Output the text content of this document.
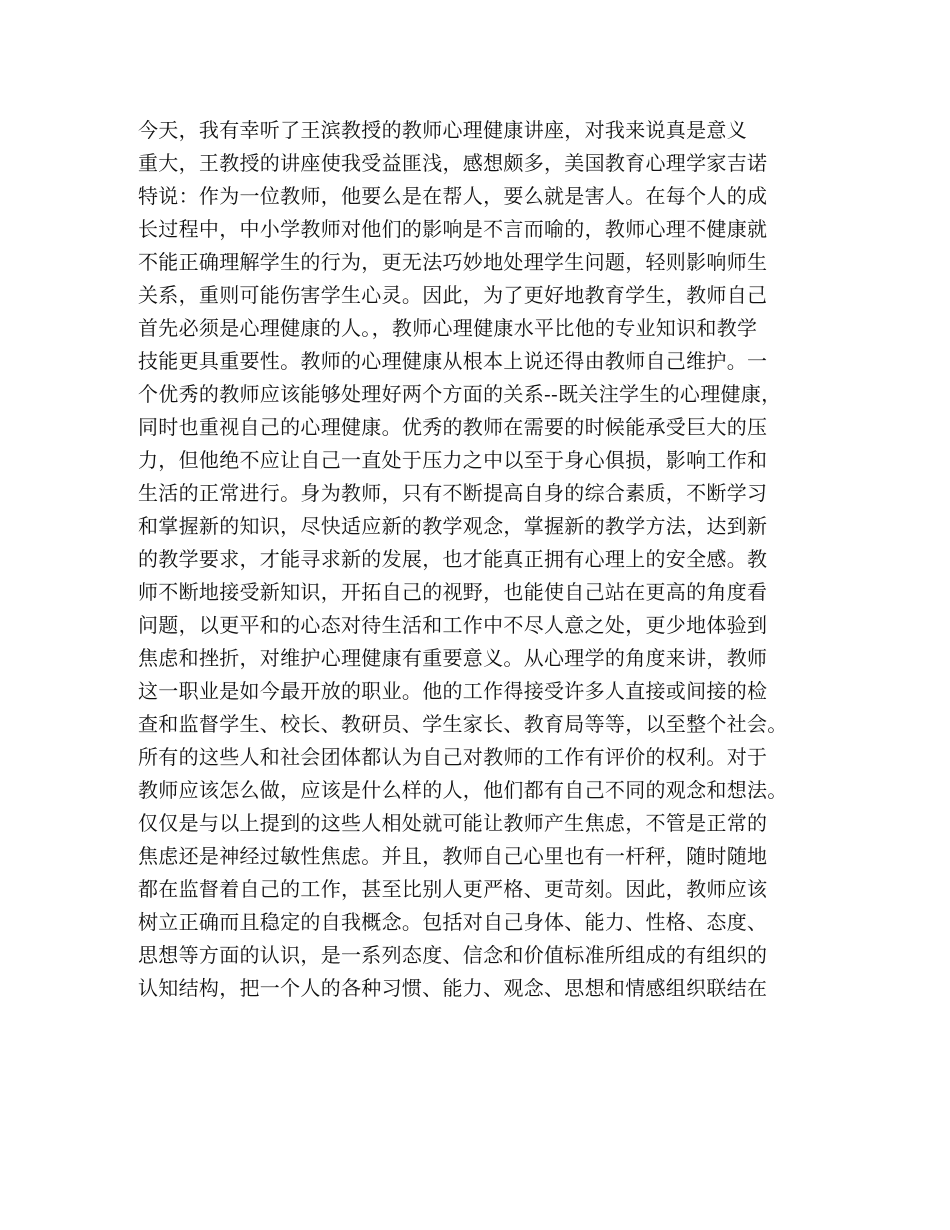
今天，我有幸听了王滨教授的教师心理健康讲座，对我来说真是意义
重大，王教授的讲座使我受益匪浅，感想颇多，美国教育心理学家吉诺
特说：作为一位教师，他要么是在帮人，要么就是害人。在每个人的成
长过程中，中小学教师对他们的影响是不言而喻的，教师心理不健康就
不能正确理解学生的行为，更无法巧妙地处理学生问题，轻则影响师生
关系，重则可能伤害学生心灵。因此，为了更好地教育学生，教师自己
首先必须是心理健康的人。，教师心理健康水平比他的专业知识和教学
技能更具重要性。教师的心理健康从根本上说还得由教师自己维护。一
个优秀的教师应该能够处理好两个方面的关系--既关注学生的心理健康，
同时也重视自己的心理健康。优秀的教师在需要的时候能承受巨大的压
力，但他绝不应让自己一直处于压力之中以至于身心俱损，影响工作和
生活的正常进行。身为教师，只有不断提高自身的综合素质，不断学习
和掌握新的知识，尽快适应新的教学观念，掌握新的教学方法，达到新
的教学要求，才能寻求新的发展，也才能真正拥有心理上的安全感。教
师不断地接受新知识，开拓自己的视野，也能使自己站在更高的角度看
问题，以更平和的心态对待生活和工作中不尽人意之处，更少地体验到
焦虑和挫折，对维护心理健康有重要意义。从心理学的角度来讲，教师
这一职业是如今最开放的职业。他的工作得接受许多人直接或间接的检
查和监督学生、校长、教研员、学生家长、教育局等等，以至整个社会。
所有的这些人和社会团体都认为自己对教师的工作有评价的权利。对于
教师应该怎么做，应该是什么样的人，他们都有自己不同的观念和想法。
仅仅是与以上提到的这些人相处就可能让教师产生焦虑，不管是正常的
焦虑还是神经过敏性焦虑。并且，教师自己心里也有一杆秤，随时随地
都在监督着自己的工作，甚至比别人更严格、更苛刻。因此，教师应该
树立正确而且稳定的自我概念。包括对自己身体、能力、性格、态度、
思想等方面的认识，是一系列态度、信念和价值标准所组成的有组织的
认知结构，把一个人的各种习惯、能力、观念、思想和情感组织联结在
